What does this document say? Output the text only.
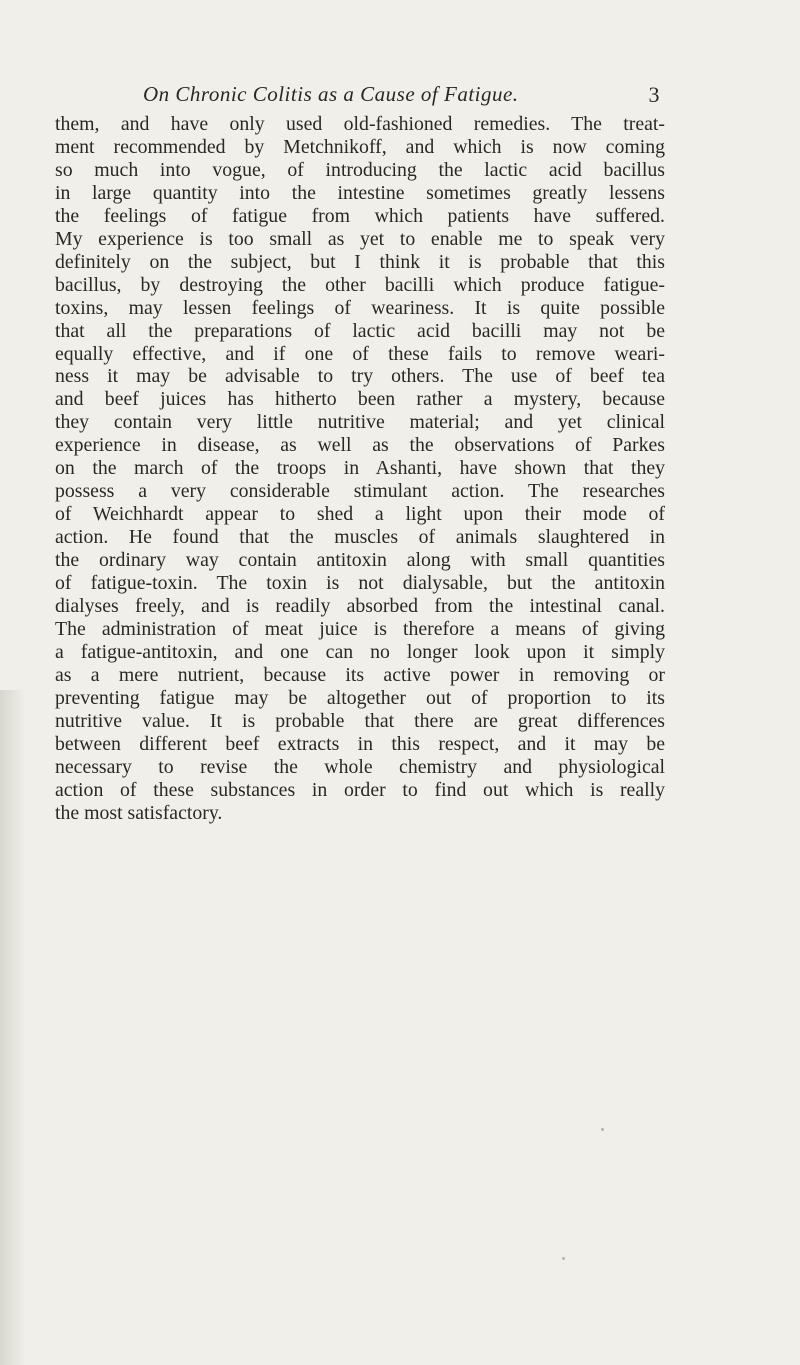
On Chronic Colitis as a Cause of Fatigue.	3
them, and have only used old-fashioned remedies. The treat-
ment recommended by Metchnikoff, and which is now coming
so much into vogue, of introducing the lactic acid bacillus
in large quantity into the intestine sometimes greatly lessens
the feelings of fatigue from which patients have suffered.
My experience is too small as yet to enable me to speak very
definitely on the subject, but I think it is probable that this
bacillus, by destroying the other bacilli which produce fatigue-
toxins, may lessen feelings of weariness. It is quite possible
that all the preparations of lactic acid bacilli may not be
equally effective, and if one of these fails to remove weari-
ness it may be advisable to try others. The use of beef tea
and beef juices has hitherto been rather a mystery, because
they contain very little nutritive material; and yet clinical
experience in disease, as well as the observations of Parkes
on the march of the troops in Ashanti, have shown that they
possess a very considerable stimulant action. The researches
of Weichhardt appear to shed a light upon their mode of
action. He found that the muscles of animals slaughtered in
the ordinary way contain antitoxin along with small quantities
of fatigue-toxin. The toxin is not dialysable, but the antitoxin
dialyses freely, and is readily absorbed from the intestinal canal.
The administration of meat juice is therefore a means of giving
a fatigue-antitoxin, and one can no longer look upon it simply
as a mere nutrient, because its active power in removing or
preventing fatigue may be altogether out of proportion to its
nutritive value. It is probable that there are great differences
between different beef extracts in this respect, and it may be
necessary to revise the whole chemistry and physiological
action of these substances in order to find out which is really
the most satisfactory.
